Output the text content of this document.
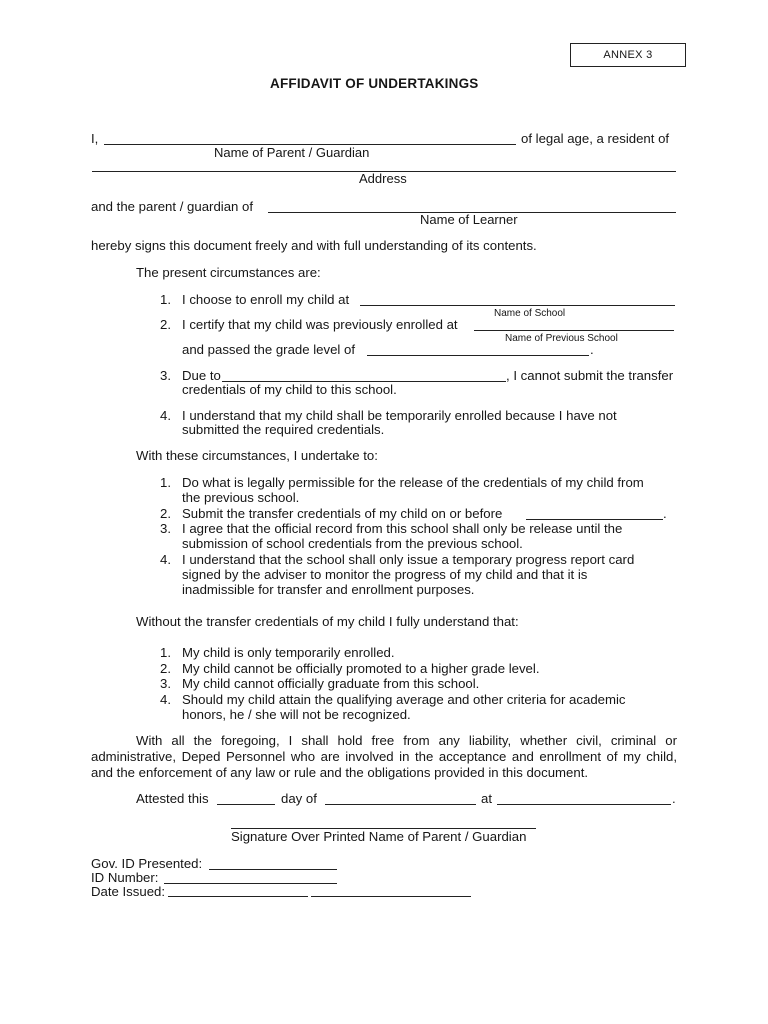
ANNEX 3
AFFIDAVIT OF UNDERTAKINGS
I,	of legal age, a resident of
Name of Parent / Guardian
Address
and the parent / guardian of
Name of Learner
hereby signs this document freely and with full understanding of its contents.
The present circumstances are:
1. I choose to enroll my child at
Name of School
2. I certify that my child was previously enrolled at
Name of Previous School
and passed the grade level of	.
3. Due to	, I cannot submit the transfer
credentials of my child to this school.
4. I understand that my child shall be temporarily enrolled because I have not
submitted the required credentials.
With these circumstances, I undertake to:
1. Do what is legally permissible for the release of the credentials of my child from
the previous school.
2. Submit the transfer credentials of my child on or before	.
3. I agree that the official record from this school shall only be release until the
submission of school credentials from the previous school.
4. I understand that the school shall only issue a temporary progress report card
signed by the adviser to monitor the progress of my child and that it is
inadmissible for transfer and enrollment purposes.
Without the transfer credentials of my child I fully understand that:
1. My child is only temporarily enrolled.
2. My child cannot be officially promoted to a higher grade level.
3. My child cannot officially graduate from this school.
4. Should my child attain the qualifying average and other criteria for academic
honors, he / she will not be recognized.
With all the foregoing, I shall hold free from any liability, whether civil, criminal or
administrative, Deped Personnel who are involved in the acceptance and enrollment of my child,
and the enforcement of any law or rule and the obligations provided in this document.
Attested this	day of	at	.
Signature Over Printed Name of Parent / Guardian
Gov. ID Presented:
ID Number:
Date Issued:
